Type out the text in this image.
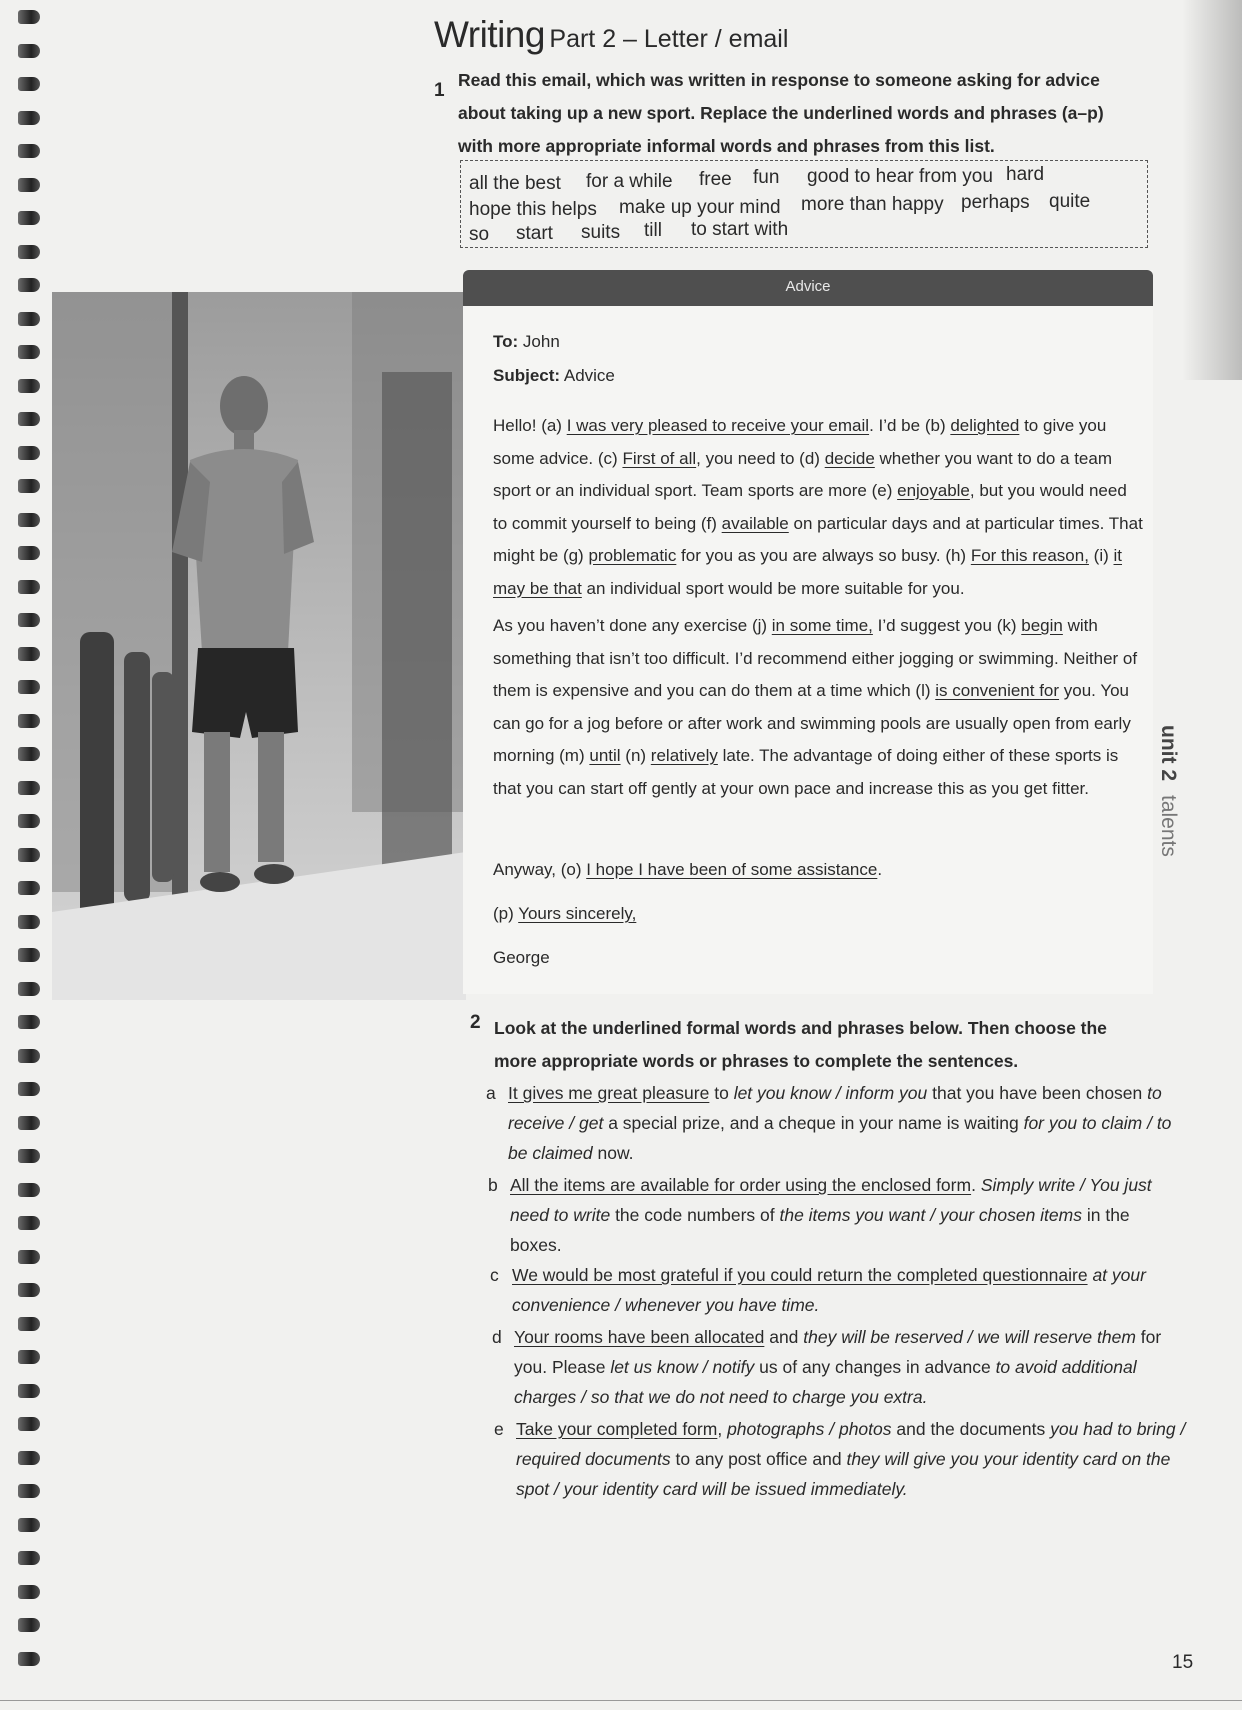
Writing Part 2 – Letter / email
1 Read this email, which was written in response to someone asking for advice about taking up a new sport. Replace the underlined words and phrases (a–p) with more appropriate informal words and phrases from this list.
all the best for a while free fun good to hear from you hard
hope this helps make up your mind more than happy perhaps quite
so start suits till to start with
Advice
To: John
Subject: Advice
Hello! (a) I was very pleased to receive your email. I’d be (b) delighted to give you some advice. (c) First of all, you need to (d) decide whether you want to do a team sport or an individual sport. Team sports are more (e) enjoyable, but you would need to commit yourself to being (f) available on particular days and at particular times. That might be (g) problematic for you as you are always so busy. (h) For this reason, (i) it may be that an individual sport would be more suitable for you.
As you haven’t done any exercise (j) in some time, I’d suggest you (k) begin with something that isn’t too difficult. I’d recommend either jogging or swimming. Neither of them is expensive and you can do them at a time which (l) is convenient for you. You can go for a jog before or after work and swimming pools are usually open from early morning (m) until (n) relatively late. The advantage of doing either of these sports is that you can start off gently at your own pace and increase this as you get fitter.
Anyway, (o) I hope I have been of some assistance.
(p) Yours sincerely,
George
2 Look at the underlined formal words and phrases below. Then choose the more appropriate words or phrases to complete the sentences.
a It gives me great pleasure to let you know / inform you that you have been chosen to receive / get a special prize, and a cheque in your name is waiting for you to claim / to be claimed now.
b All the items are available for order using the enclosed form. Simply write / You just need to write the code numbers of the items you want / your chosen items in the boxes.
c We would be most grateful if you could return the completed questionnaire at your convenience / whenever you have time.
d Your rooms have been allocated and they will be reserved / we will reserve them for you. Please let us know / notify us of any changes in advance to avoid additional charges / so that we do not need to charge you extra.
e Take your completed form, photographs / photos and the documents you had to bring / required documents to any post office and they will give you your identity card on the spot / your identity card will be issued immediately.
unit 2talents
15
